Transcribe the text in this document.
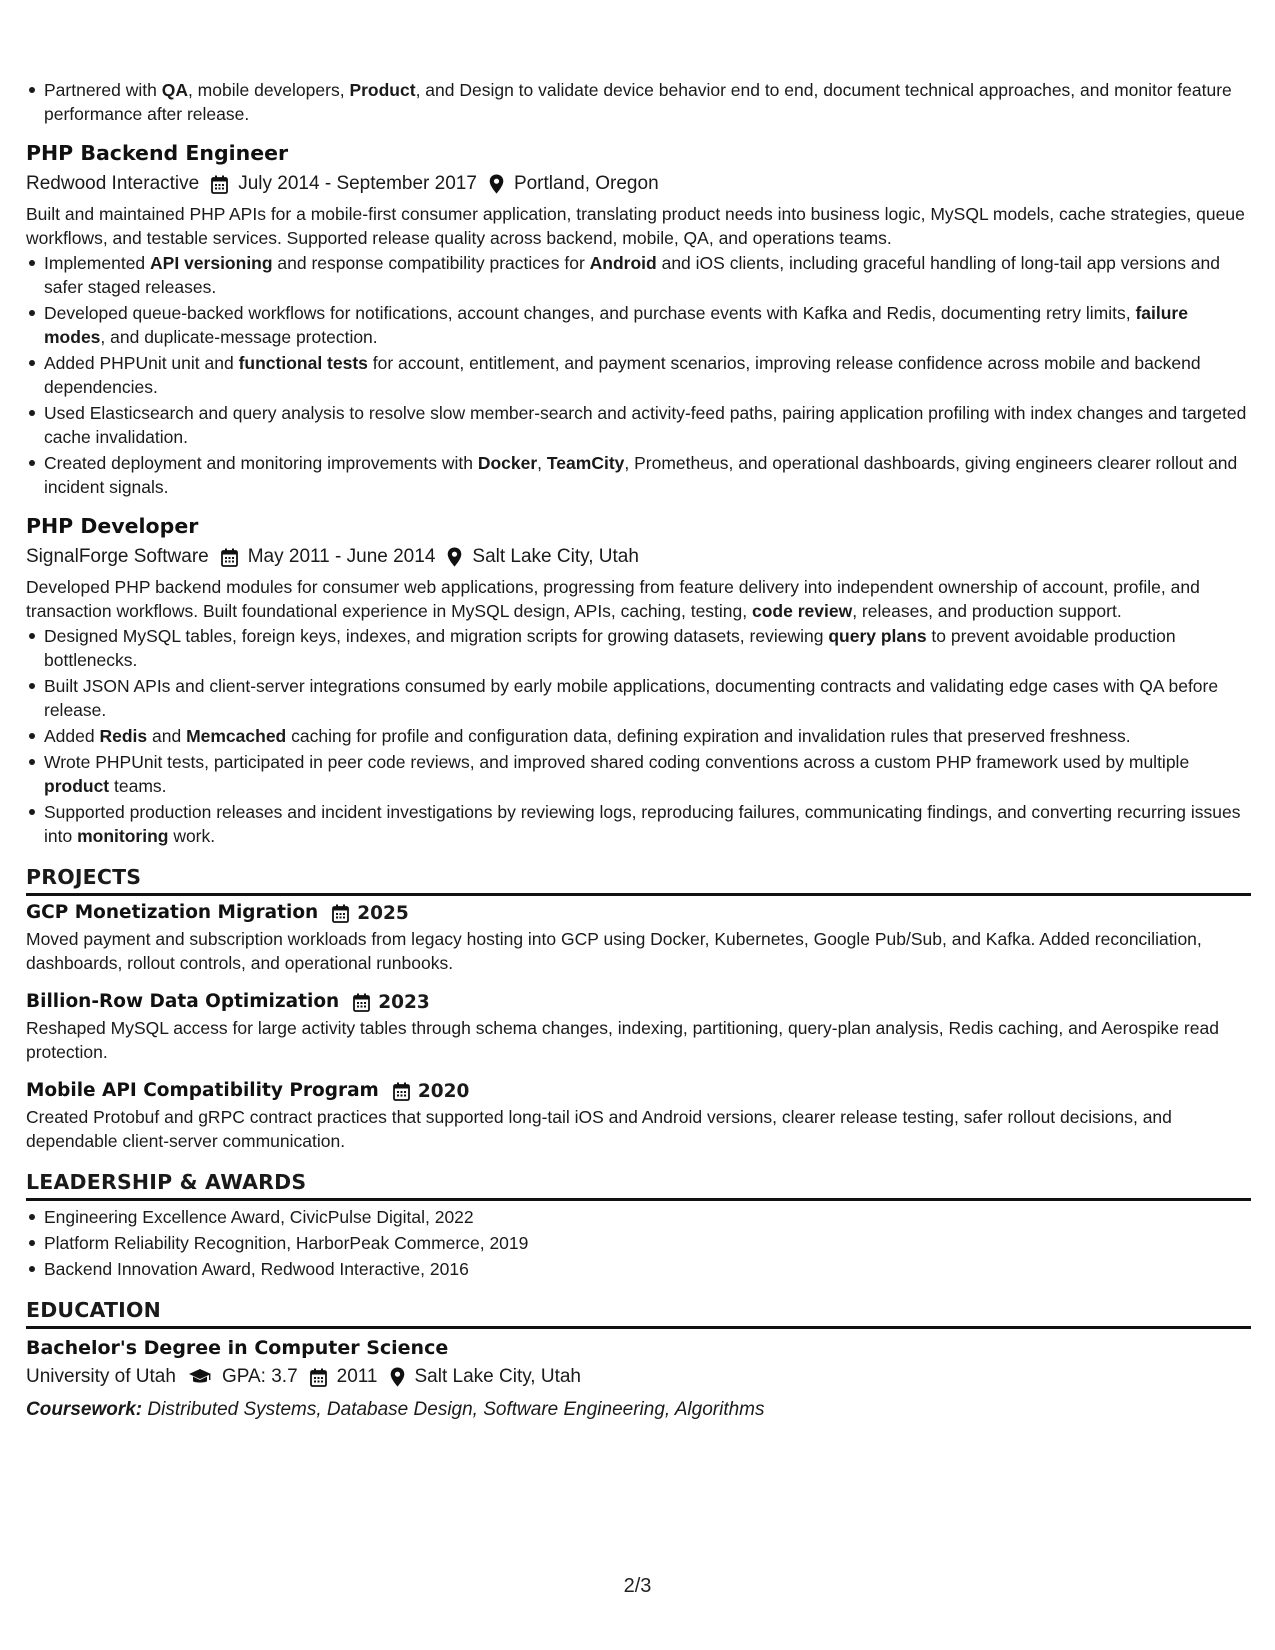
Partnered with QA, mobile developers, Product, and Design to validate device behavior end to end, document technical approaches, and monitor feature performance after release.
PHP Backend Engineer
Redwood Interactive July 2014 - September 2017 Portland, Oregon
Built and maintained PHP APIs for a mobile-first consumer application, translating product needs into business logic, MySQL models, cache strategies, queue workflows, and testable services. Supported release quality across backend, mobile, QA, and operations teams.
Implemented API versioning and response compatibility practices for Android and iOS clients, including graceful handling of long-tail app versions and safer staged releases.
Developed queue-backed workflows for notifications, account changes, and purchase events with Kafka and Redis, documenting retry limits, failure modes, and duplicate-message protection.
Added PHPUnit unit and functional tests for account, entitlement, and payment scenarios, improving release confidence across mobile and backend dependencies.
Used Elasticsearch and query analysis to resolve slow member-search and activity-feed paths, pairing application profiling with index changes and targeted cache invalidation.
Created deployment and monitoring improvements with Docker, TeamCity, Prometheus, and operational dashboards, giving engineers clearer rollout and incident signals.
PHP Developer
SignalForge Software May 2011 - June 2014 Salt Lake City, Utah
Developed PHP backend modules for consumer web applications, progressing from feature delivery into independent ownership of account, profile, and transaction workflows. Built foundational experience in MySQL design, APIs, caching, testing, code review, releases, and production support.
Designed MySQL tables, foreign keys, indexes, and migration scripts for growing datasets, reviewing query plans to prevent avoidable production bottlenecks.
Built JSON APIs and client-server integrations consumed by early mobile applications, documenting contracts and validating edge cases with QA before release.
Added Redis and Memcached caching for profile and configuration data, defining expiration and invalidation rules that preserved freshness.
Wrote PHPUnit tests, participated in peer code reviews, and improved shared coding conventions across a custom PHP framework used by multiple product teams.
Supported production releases and incident investigations by reviewing logs, reproducing failures, communicating findings, and converting recurring issues into monitoring work.
PROJECTS
GCP Monetization Migration 2025
Moved payment and subscription workloads from legacy hosting into GCP using Docker, Kubernetes, Google Pub/Sub, and Kafka. Added reconciliation, dashboards, rollout controls, and operational runbooks.
Billion-Row Data Optimization 2023
Reshaped MySQL access for large activity tables through schema changes, indexing, partitioning, query-plan analysis, Redis caching, and Aerospike read protection.
Mobile API Compatibility Program 2020
Created Protobuf and gRPC contract practices that supported long-tail iOS and Android versions, clearer release testing, safer rollout decisions, and dependable client-server communication.
LEADERSHIP & AWARDS
Engineering Excellence Award, CivicPulse Digital, 2022
Platform Reliability Recognition, HarborPeak Commerce, 2019
Backend Innovation Award, Redwood Interactive, 2016
EDUCATION
Bachelor's Degree in Computer Science
University of Utah GPA: 3.7 2011 Salt Lake City, Utah
Coursework: Distributed Systems, Database Design, Software Engineering, Algorithms
2/3
